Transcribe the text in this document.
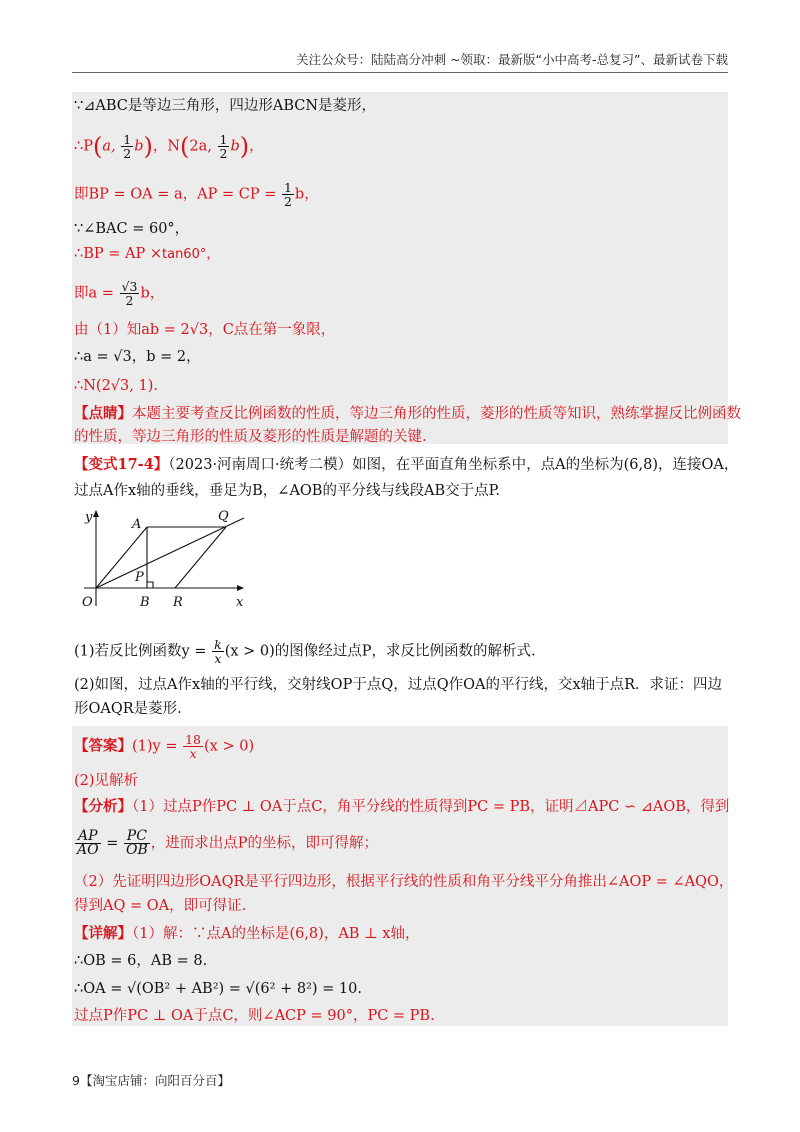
关注公众号：陆陆高分冲刺 ~领取：最新版“小中高考-总复习”、最新试卷下载
∵⊿ABC是等边三角形，四边形ABCN是菱形，
∴P(a, $\frac{1}{2} b$)，N(2a, $\frac{1}{2} b$)，
即BP = OA = a，AP = CP = $\frac{1}{2}$ b，
∵∠BAC = 60°，
∴BP = AP ×tan60°，
即$a = \frac{√3}{2}$ b，
由（1）知ab = 2√3，C点在第一象限，
∴a = √3，b = 2，
∴N(2√3, 1).
【点睛】本题主要考查反比例函数的性质，等边三角形的性质，菱形的性质等知识，熟练掌握反比例函数
的性质，等边三角形的性质及菱形的性质是解题的关键.
【变式17-4】（2023·河南周口·统考二模）如图，在平面直角坐标系中，点A的坐标为(6,8)，连接OA，
过点A作x轴的垂线，垂足为B，∠AOB的平分线与线段AB交于点P.
y
x
O
A
Q
P
B R
(1)若反比例函数$y = \frac{k}{x} (x > 0)$的图像经过点P，求反比例函数的解析式.
(2)如图，过点A作x轴的平行线，交射线OP于点Q，过点Q作OA的平行线，交x轴于点R．求证：四边
形OAQR是菱形.
【答案】$(1)y = \frac{18}{x} (x > 0)$
(2)见解析
【分析】（1）过点P作PC ⊥ OA于点C，角平分线的性质得到PC = PB，证明⊿APC ∽ ⊿AOB，得到
$\frac{AP}{AO} = \frac{PC}{OB}$ ，进而求出点P的坐标，即可得解；
（2）先证明四边形OAQR是平行四边形，根据平行线的性质和角平分线平分角推出∠AOP = ∠AQO，
得到AQ = OA，即可得证.
【详解】（1）解：∵点A的坐标是(6,8)，AB ⊥ x轴，
∴OB = 6，AB = 8.
∴OA = √(OB² + AB²) = √(6² + 8²) = 10.
过点P作PC ⊥ OA于点C，则∠ACP = 90°，PC = PB.
9【淘宝店铺：向阳百分百】
